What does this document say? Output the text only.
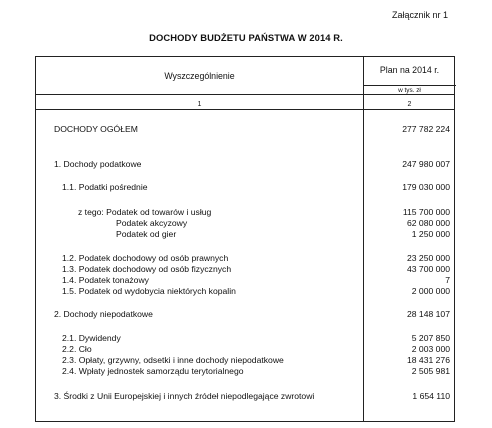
Załącznik nr 1
DOCHODY BUDŻETU PAŃSTWA W 2014 R.
Wyszczególnienie
Plan na 2014 r.
w tys. zł
1	2
DOCHODY OGÓŁEM	277 782 224
1. Dochody podatkowe	247 980 007
1.1. Podatki pośrednie	179 030 000
z tego: Podatek od towarów i usług	115 700 000
Podatek akcyzowy	62 080 000
Podatek od gier	1 250 000
1.2. Podatek dochodowy od osób prawnych	23 250 000
1.3. Podatek dochodowy od osób fizycznych	43 700 000
1.4. Podatek tonażowy	7
1.5. Podatek od wydobycia niektórych kopalin	2 000 000
2. Dochody niepodatkowe	28 148 107
2.1. Dywidendy	5 207 850
2.2. Cło	2 003 000
2.3. Opłaty, grzywny, odsetki i inne dochody niepodatkowe	18 431 276
2.4. Wpłaty jednostek samorządu terytorialnego	2 505 981
3. Środki z Unii Europejskiej i innych źródeł niepodlegające zwrotowi	1 654 110
